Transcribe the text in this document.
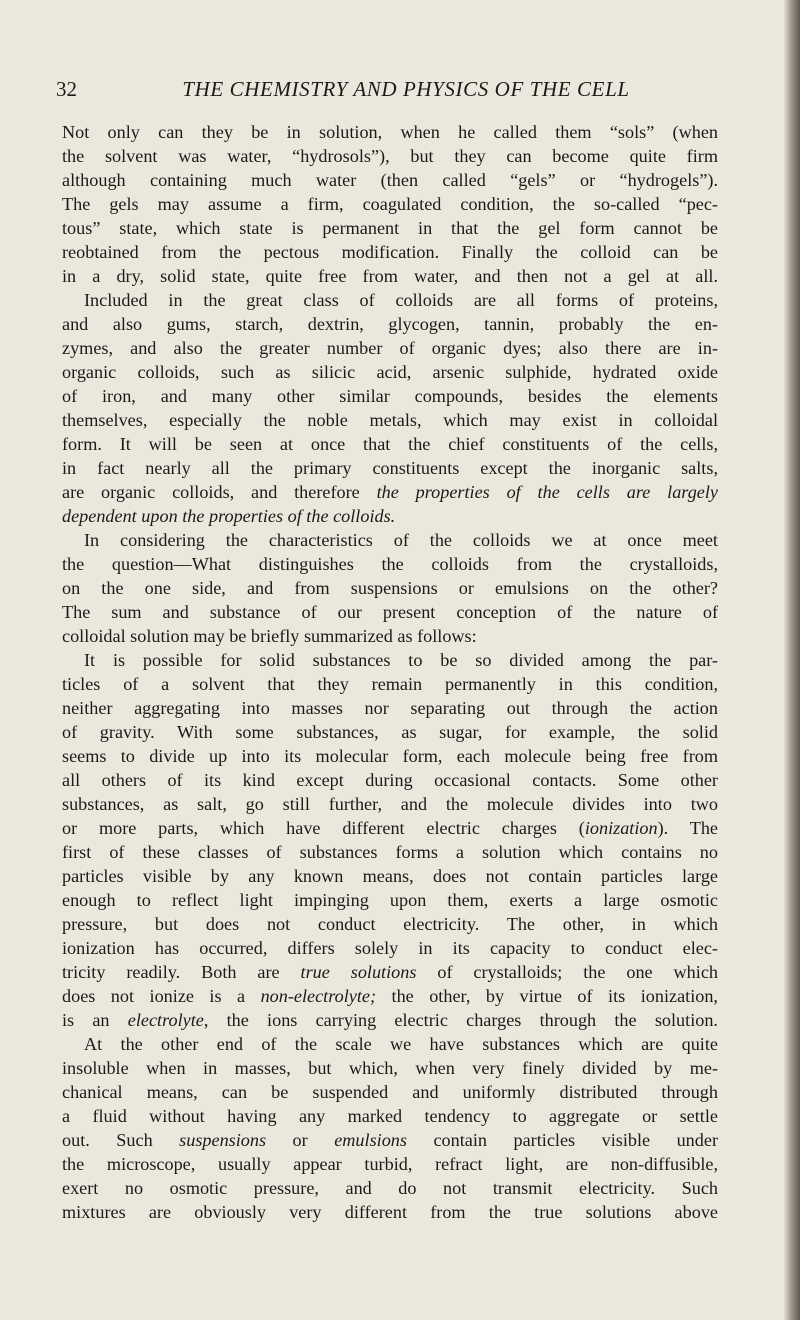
32	THE CHEMISTRY AND PHYSICS OF THE CELL
Not only can they be in solution, when he called them “sols” (when
the solvent was water, “hydrosols”), but they can become quite firm
although containing much water (then called “gels” or “hydrogels”).
The gels may assume a firm, coagulated condition, the so-called “pec-
tous” state, which state is permanent in that the gel form cannot be
reobtained from the pectous modification. Finally the colloid can be
in a dry, solid state, quite free from water, and then not a gel at all.
Included in the great class of colloids are all forms of proteins,
and also gums, starch, dextrin, glycogen, tannin, probably the en-
zymes, and also the greater number of organic dyes; also there are in-
organic colloids, such as silicic acid, arsenic sulphide, hydrated oxide
of iron, and many other similar compounds, besides the elements
themselves, especially the noble metals, which may exist in colloidal
form. It will be seen at once that the chief constituents of the cells,
in fact nearly all the primary constituents except the inorganic salts,
are organic colloids, and therefore the properties of the cells are largely
dependent upon the properties of the colloids.
In considering the characteristics of the colloids we at once meet
the question—What distinguishes the colloids from the crystalloids,
on the one side, and from suspensions or emulsions on the other?
The sum and substance of our present conception of the nature of
colloidal solution may be briefly summarized as follows:
It is possible for solid substances to be so divided among the par-
ticles of a solvent that they remain permanently in this condition,
neither aggregating into masses nor separating out through the action
of gravity. With some substances, as sugar, for example, the solid
seems to divide up into its molecular form, each molecule being free from
all others of its kind except during occasional contacts. Some other
substances, as salt, go still further, and the molecule divides into two
or more parts, which have different electric charges (ionization). The
first of these classes of substances forms a solution which contains no
particles visible by any known means, does not contain particles large
enough to reflect light impinging upon them, exerts a large osmotic
pressure, but does not conduct electricity. The other, in which
ionization has occurred, differs solely in its capacity to conduct elec-
tricity readily. Both are true solutions of crystalloids; the one which
does not ionize is a non-electrolyte; the other, by virtue of its ionization,
is an electrolyte, the ions carrying electric charges through the solution.
At the other end of the scale we have substances which are quite
insoluble when in masses, but which, when very finely divided by me-
chanical means, can be suspended and uniformly distributed through
a fluid without having any marked tendency to aggregate or settle
out. Such suspensions or emulsions contain particles visible under
the microscope, usually appear turbid, refract light, are non-diffusible,
exert no osmotic pressure, and do not transmit electricity. Such
mixtures are obviously very different from the true solutions above
